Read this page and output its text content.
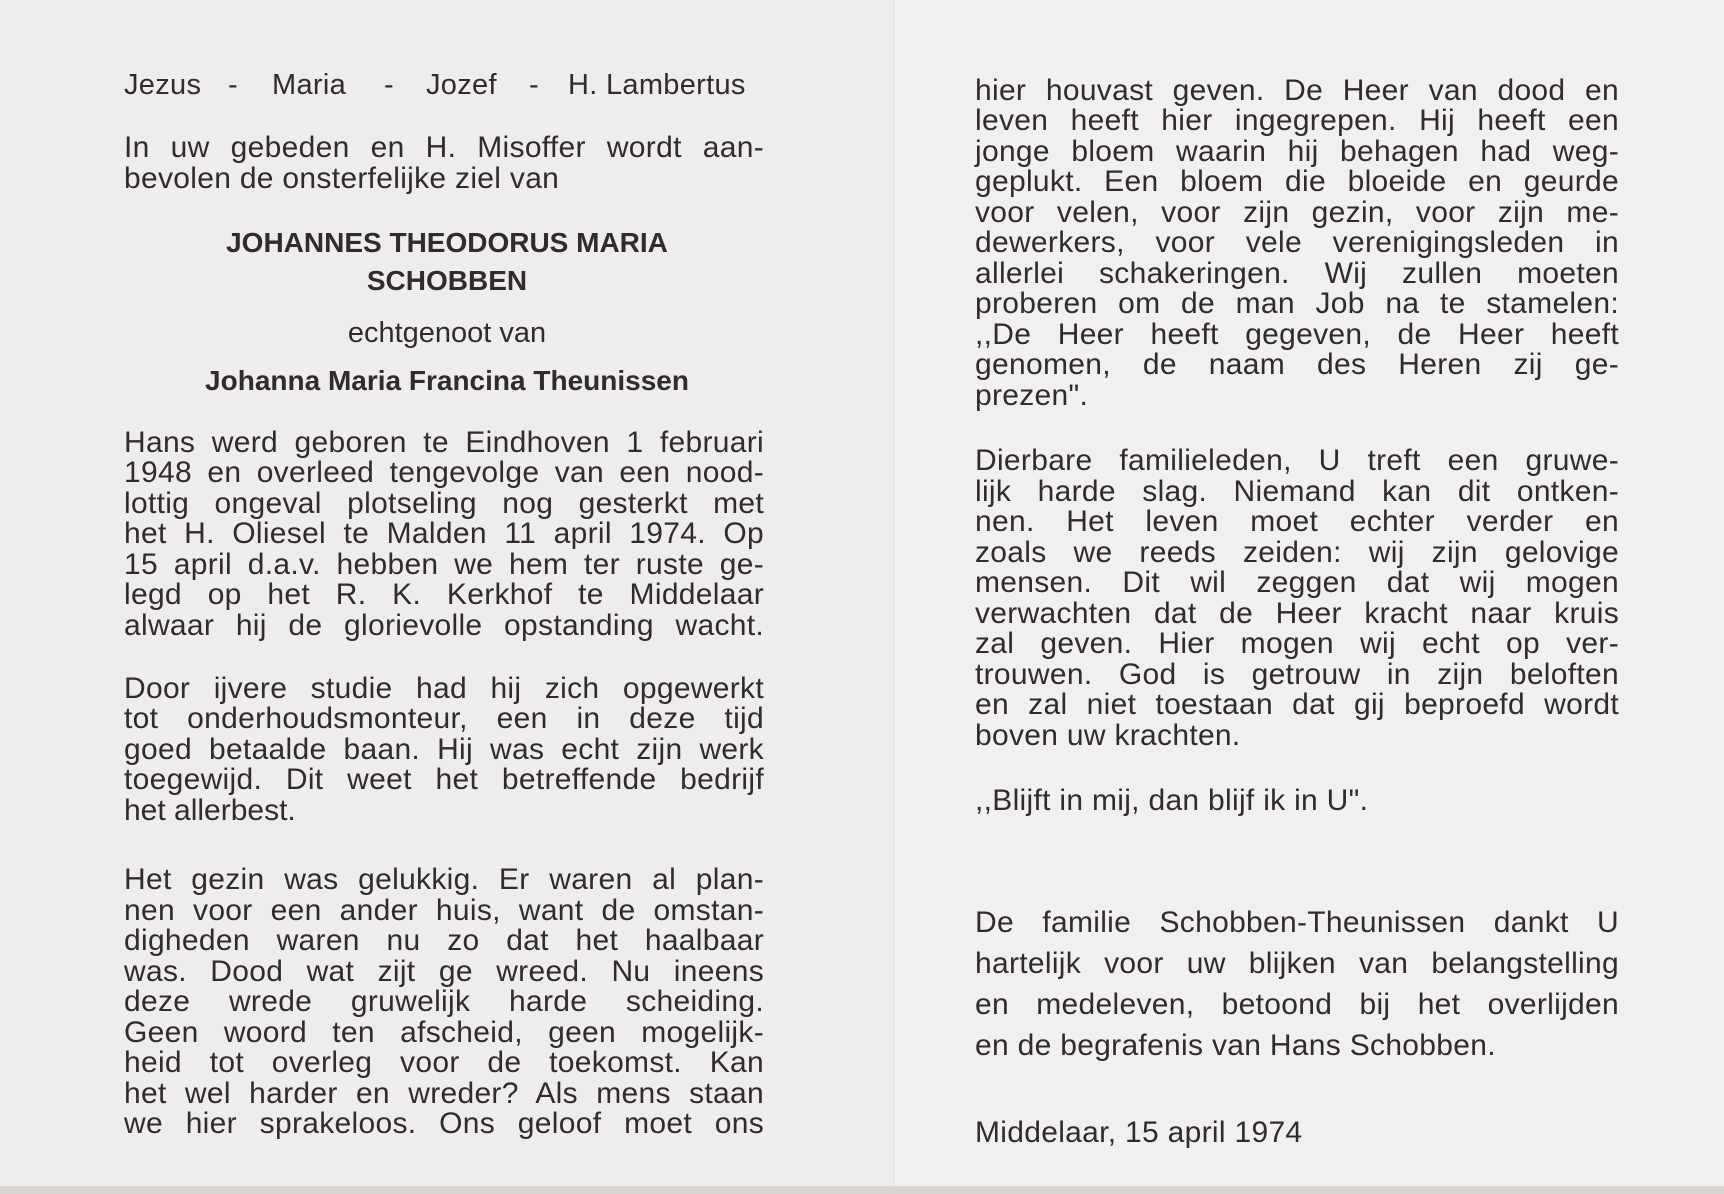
Jezus - Maria - Jozef - H. Lambertus
In uw gebeden en H. Misoffer wordt aan-
bevolen de onsterfelijke ziel van
JOHANNES THEODORUS MARIA
SCHOBBEN
echtgenoot van
Johanna Maria Francina Theunissen
Hans werd geboren te Eindhoven 1 februari
1948 en overleed tengevolge van een nood-
lottig ongeval plotseling nog gesterkt met
het H. Oliesel te Malden 11 april 1974. Op
15 april d.a.v. hebben we hem ter ruste ge-
legd op het R. K. Kerkhof te Middelaar
alwaar hij de glorievolle opstanding wacht.
Door ijvere studie had hij zich opgewerkt
tot onderhoudsmonteur, een in deze tijd
goed betaalde baan. Hij was echt zijn werk
toegewijd. Dit weet het betreffende bedrijf
het allerbest.
Het gezin was gelukkig. Er waren al plan-
nen voor een ander huis, want de omstan-
digheden waren nu zo dat het haalbaar
was. Dood wat zijt ge wreed. Nu ineens
deze wrede gruwelijk harde scheiding.
Geen woord ten afscheid, geen mogelijk-
heid tot overleg voor de toekomst. Kan
het wel harder en wreder? Als mens staan
we hier sprakeloos. Ons geloof moet ons
hier houvast geven. De Heer van dood en
leven heeft hier ingegrepen. Hij heeft een
jonge bloem waarin hij behagen had weg-
geplukt. Een bloem die bloeide en geurde
voor velen, voor zijn gezin, voor zijn me-
dewerkers, voor vele verenigingsleden in
allerlei schakeringen. Wij zullen moeten
proberen om de man Job na te stamelen:
,,De Heer heeft gegeven, de Heer heeft
genomen, de naam des Heren zij ge-
prezen".
Dierbare familieleden, U treft een gruwe-
lijk harde slag. Niemand kan dit ontken-
nen. Het leven moet echter verder en
zoals we reeds zeiden: wij zijn gelovige
mensen. Dit wil zeggen dat wij mogen
verwachten dat de Heer kracht naar kruis
zal geven. Hier mogen wij echt op ver-
trouwen. God is getrouw in zijn beloften
en zal niet toestaan dat gij beproefd wordt
boven uw krachten.
,,Blijft in mij, dan blijf ik in U".
De familie Schobben-Theunissen dankt U
hartelijk voor uw blijken van belangstelling
en medeleven, betoond bij het overlijden
en de begrafenis van Hans Schobben.
Middelaar, 15 april 1974
